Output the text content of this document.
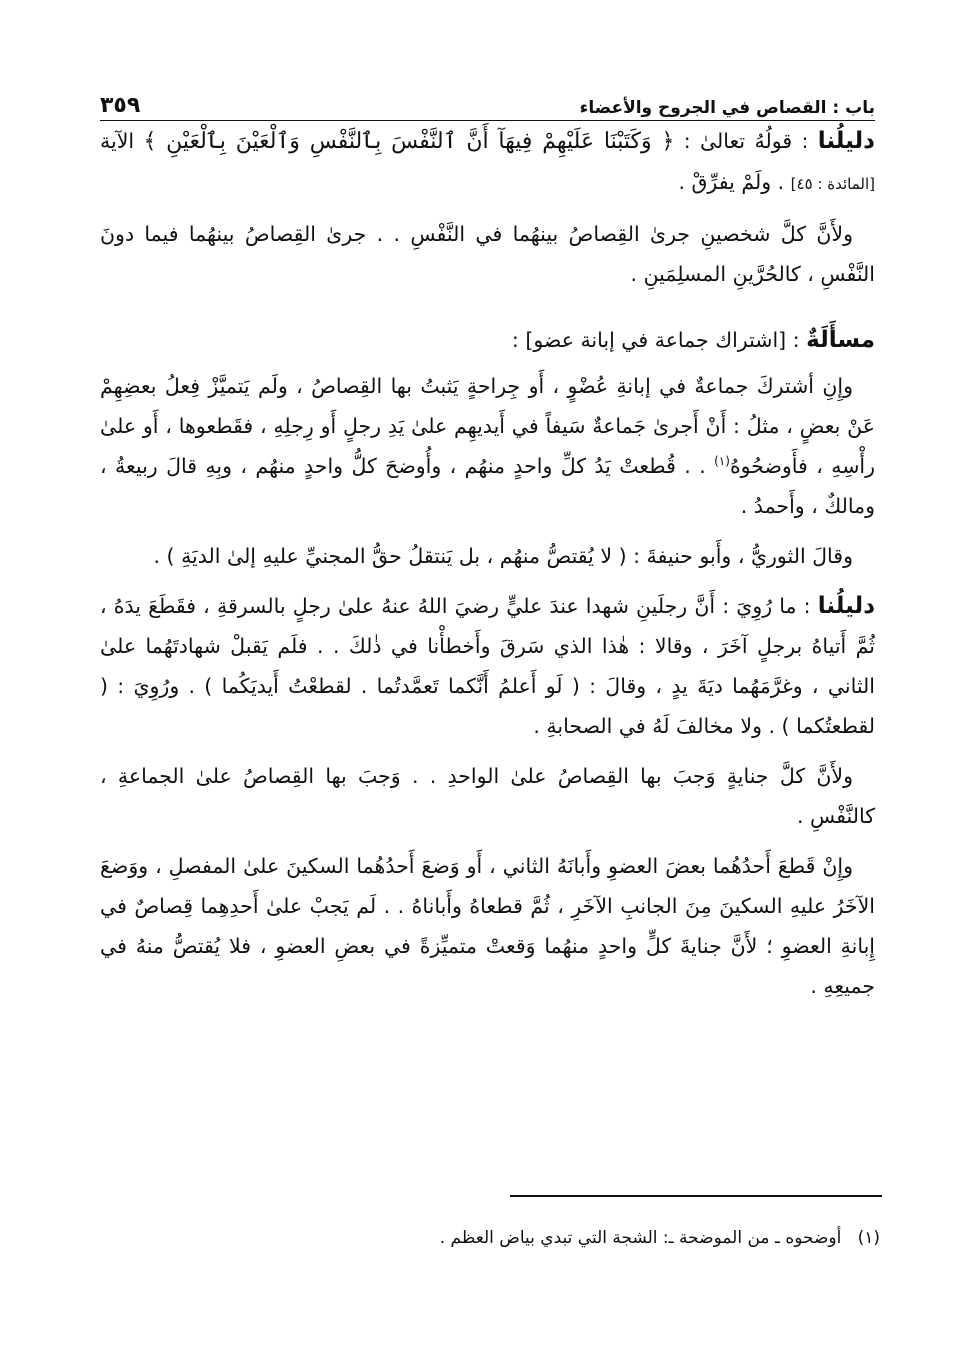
باب : القصاص في الجروح والأعضاء
٣٥٩

دليلُنا : قولُهُ تعالىٰ : ﴿ وَكَتَبْنَا عَلَيْهِمْ فِيهَآ أَنَّ ٱلنَّفْسَ بِٱلنَّفْسِ وَٱلْعَيْنَ بِٱلْعَيْنِ ﴾ الآية [المائدة : ٤٥] . ولَمْ يفرِّقْ .

ولأَنَّ كلَّ شخصينِ جرىٰ القِصاصُ بينهُما في النَّفْسِ . . جرىٰ القِصاصُ بينهُما فيما دونَ النَّفْسِ ، كالحُرَّينِ المسلِمَينِ .

مسأَلَةٌ : [اشتراك جماعة في إبانة عضو] :

وإِنِ أشتركَ جماعةٌ في إبانةِ عُضْوٍ ، أَو جِراحةٍ يَثبتُ بها القِصاصُ ، ولَم يَتميَّزْ فِعلُ بعضِهِمْ عَنْ بعضٍ ، مثلُ : أَنْ أَجرىٰ جَماعةٌ سَيفاً في أَيديهِم علىٰ يَدِ رجلٍ أَو رِجلِهِ ، فقَطعوها ، أَو علىٰ رأْسِهِ ، فأَوضحُوهُ$^{(١)}$ . . قُطعتْ يَدُ كلِّ واحدٍ منهُم ، وأُوضحَ كلُّ واحدٍ منهُم ، وبِهِ قالَ ربيعةُ ، ومالكٌ ، وأَحمدُ .

وقالَ الثوريُّ ، وأَبو حنيفةَ : ( لا يُقتصُّ منهُم ، بل يَنتقلُ حقُّ المجنيِّ عليهِ إلىٰ الديَةِ ) .

دليلُنا : ما رُوِيَ : أَنَّ رجلَينِ شهدا عندَ عليٍّ رضيَ اللهُ عنهُ علىٰ رجلٍ بالسرقةِ ، فقَطَعَ يدَهُ ، ثُمَّ أَتياهُ برجلٍ آخَرَ ، وقالا : هٰذا الذي سَرقَ وأَخطأْنا في ذٰلكَ . . فلَم يَقبلْ شهادتَهُما علىٰ الثاني ، وغرَّمَهُما ديَةَ يدٍ ، وقالَ : ( لَو أَعلمُ أَنَّكما تَعمَّدتُما . لقطعْتُ أَيديَكُما ) . ورُوِيَ : ( لقطعتُكما ) . ولا مخالفَ لَهُ في الصحابةِ .

ولأَنَّ كلَّ جنايةٍ وَجبَ بها القِصاصُ علىٰ الواحدِ . . وَجبَ بها القِصاصُ علىٰ الجماعةِ ، كالنَّفْسِ .

وإِنْ قَطعَ أَحدُهُما بعضَ العضوِ وأَبانَهُ الثاني ، أَو وَضعَ أَحدُهُما السكينَ علىٰ المفصلِ ، ووَضعَ الآخَرُ عليهِ السكينَ مِنَ الجانبِ الآخَرِ ، ثُمَّ قطعاهُ وأَباناهُ . . لَم يَجبْ علىٰ أَحدِهِما قِصاصٌ في إِبانةِ العضوِ ؛ لأَنَّ جنايةَ كلٍّ واحدٍ منهُما وَقعتْ متميِّزةً في بعضِ العضوِ ، فلا يُقتصُّ منهُ في جميعِهِ .

(١)   أوضحوه ـ من الموضحة ـ: الشجة التي تبدي بياض العظم .
